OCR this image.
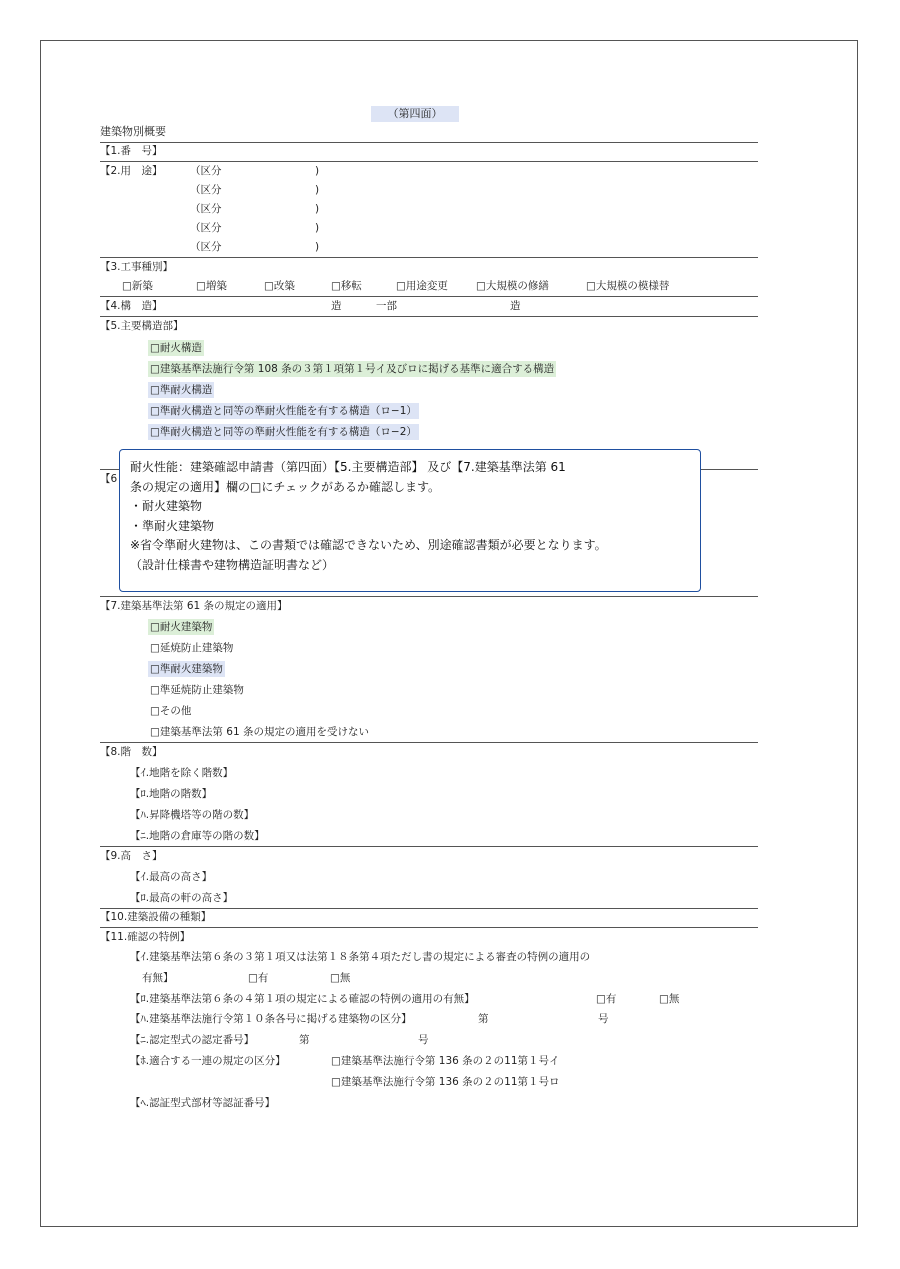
（第四面）
建築物別概要
【1.番　号】
【2.用　途】	（区分	)
（区分	)
（区分	)
（区分	)
（区分	)
【3.工事種別】
□新築	□増築	□改築	□移転	□用途変更	□大規模の修繕	□大規模の模様替
【4.構　造】	造	一部	造
【5.主要構造部】
□耐火構造
□建築基準法施行令第 108 条の３第１項第１号イ及びロに掲げる基準に適合する構造
□準耐火構造
□準耐火構造と同等の準耐火性能を有する構造（ロ−1）
□準耐火構造と同等の準耐火性能を有する構造（ロ−2）
【6
耐火性能：建築確認申請書（第四面）【5.主要構造部】 及び【7.建築基準法第 61
条の規定の適用】欄の□にチェックがあるか確認します。
・耐火建築物
・準耐火建築物
※省令準耐火建物は、この書類では確認できないため、別途確認書類が必要となります。
（設計仕様書や建物構造証明書など）
【7.建築基準法第 61 条の規定の適用】
□耐火建築物
□延焼防止建築物
□準耐火建築物
□準延焼防止建築物
□その他
□建築基準法第 61 条の規定の適用を受けない
【8.階　数】
【ｲ.地階を除く階数】
【ﾛ.地階の階数】
【ﾊ.昇降機塔等の階の数】
【ﾆ.地階の倉庫等の階の数】
【9.高　さ】
【ｲ.最高の高さ】
【ﾛ.最高の軒の高さ】
【10.建築設備の種類】
【11.確認の特例】
【ｲ.建築基準法第６条の３第１項又は法第１８条第４項ただし書の規定による審査の特例の適用の
有無】	□有	□無
【ﾛ.建築基準法第６条の４第１項の規定による確認の特例の適用の有無】	□有	□無
【ﾊ.建築基準法施行令第１０条各号に掲げる建築物の区分】	第	号
【ﾆ.認定型式の認定番号】	第	号
【ﾎ.適合する一連の規定の区分】	□建築基準法施行令第 136 条の２の11第１号イ
□建築基準法施行令第 136 条の２の11第１号ロ
【ﾍ.認証型式部材等認証番号】
